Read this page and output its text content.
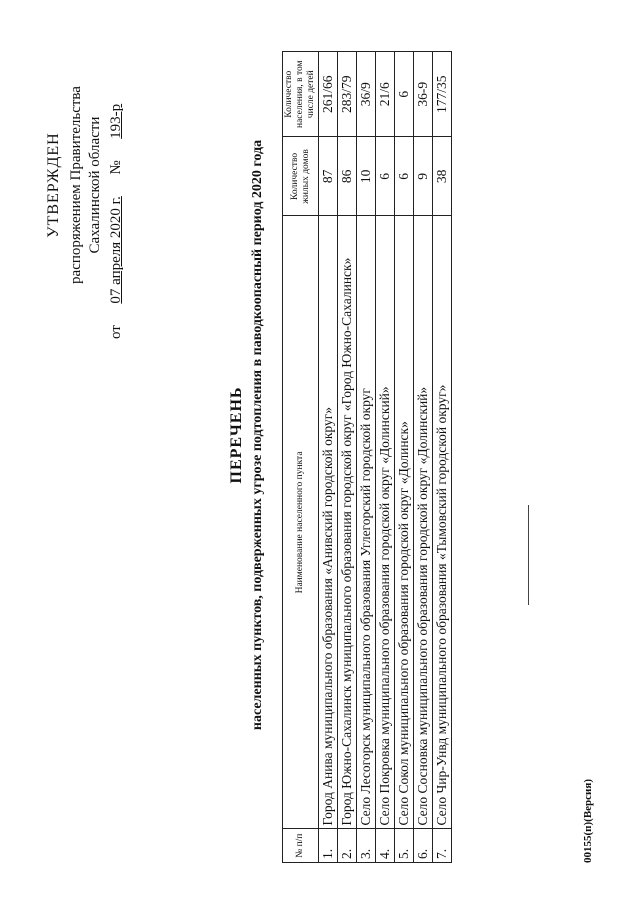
УТВЕРЖДЕН распоряжением Правительства Сахалинской области
от  07 апреля 2020 г.  №  193-р
ПЕРЕЧЕНЬ населенных пунктов, подверженных угрозе подтопления в паводкоопасный период 2020 года
№ п/п	Наименование населенного пункта	Количество жилых домов	Количество населения, в том числе детей
1.	Город Анива муниципального образования «Анивский городской округ»	87	261/66
2.	Город Южно-Сахалинск муниципального образования городской округ «Город Южно-Сахалинск»	86	283/79
3.	Село Лесогорск муниципального образования Углегорский городской округ	10	36/9
4.	Село Покровка муниципального образования городской округ «Долинский»	6	21/6
5.	Село Сокол муниципального образования городской округ «Долинск»	6	6
6.	Село Сосновка муниципального образования городской округ «Долинский»	9	36-9
7.	Село Чир-Унвд муниципального образования «Тымовский городской округ»	38	177/35
00155(п)(Версия)
